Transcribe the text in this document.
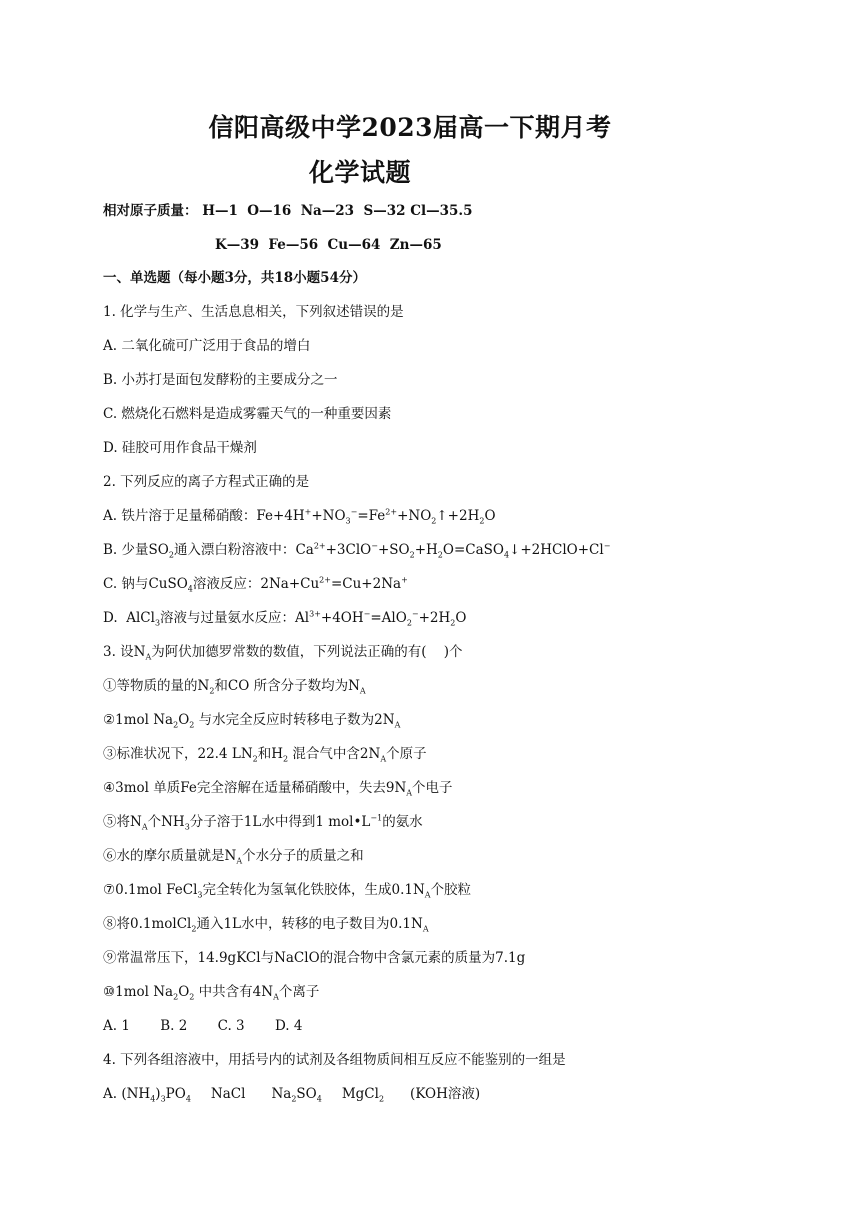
信阳高级中学2023届高一下期月考
化学试题
相对原子质量： H—1  O—16  Na—23  S—32 Cl—35.5
K—39  Fe—56  Cu—64  Zn—65
一、单选题（每小题3分，共18小题54分）
1. 化学与生产、生活息息相关，下列叙述错误的是
A. 二氧化硫可广泛用于食品的增白
B. 小苏打是面包发酵粉的主要成分之一
C. 燃烧化石燃料是造成雾霾天气的一种重要因素
D. 硅胶可用作食品干燥剂
2. 下列反应的离子方程式正确的是
A. 铁片溶于足量稀硝酸：$Fe+4H^++NO_3^-=Fe^{2+}+NO_2↑+2H_2O$
B. 少量$SO_2$通入漂白粉溶液中：$Ca^{2+}+3ClO^-+SO_2+H_2O=CaSO_4↓+2HClO+Cl^-$
C. 钠与CuSO$_4$溶液反应：$2Na+Cu^{2+}=Cu+2Na^+$
D.  AlCl$_3$溶液与过量氨水反应：$Al^{3+}+4OH^-=AlO_2^-+2H_2O$
3. 设$N_A$为阿伏加德罗常数的数值，下列说法正确的有(    )个
①等物质的量的$N_2$和CO 所含分子数均为$N_A$
②1mol $Na_2O_2$ 与水完全反应时转移电子数为$2N_A$
③标准状况下，22.4 $LN_2$和$H_2$ 混合气中含$2N_A$个原子
④3mol 单质Fe完全溶解在适量稀硝酸中，失去$9N_A$个电子
⑤将$N_A$个$NH_3$分子溶于1L水中得到1 $mol•L^{-1}$的氨水
⑥水的摩尔质量就是$N_A$个水分子的质量之和
⑦0.1mol FeCl$_3$完全转化为氢氧化铁胶体，生成$0.1N_A$个胶粒
⑧将0.1molCl$_2$通入1L水中，转移的电子数目为$0.1N_A$
⑨常温常压下，14.9gKCl与NaClO的混合物中含氯元素的质量为7.1g
⑩1mol $Na_2O_2$ 中共含有$4N_A$个离子
A. 1 B. 2 C. 3 D. 4
4. 下列各组溶液中，用括号内的试剂及各组物质间相互反应不能鉴别的一组是
A. $(NH_4)_3PO_4$ NaCl $Na_2SO_4$ MgCl$_2$ (KOH溶液)
